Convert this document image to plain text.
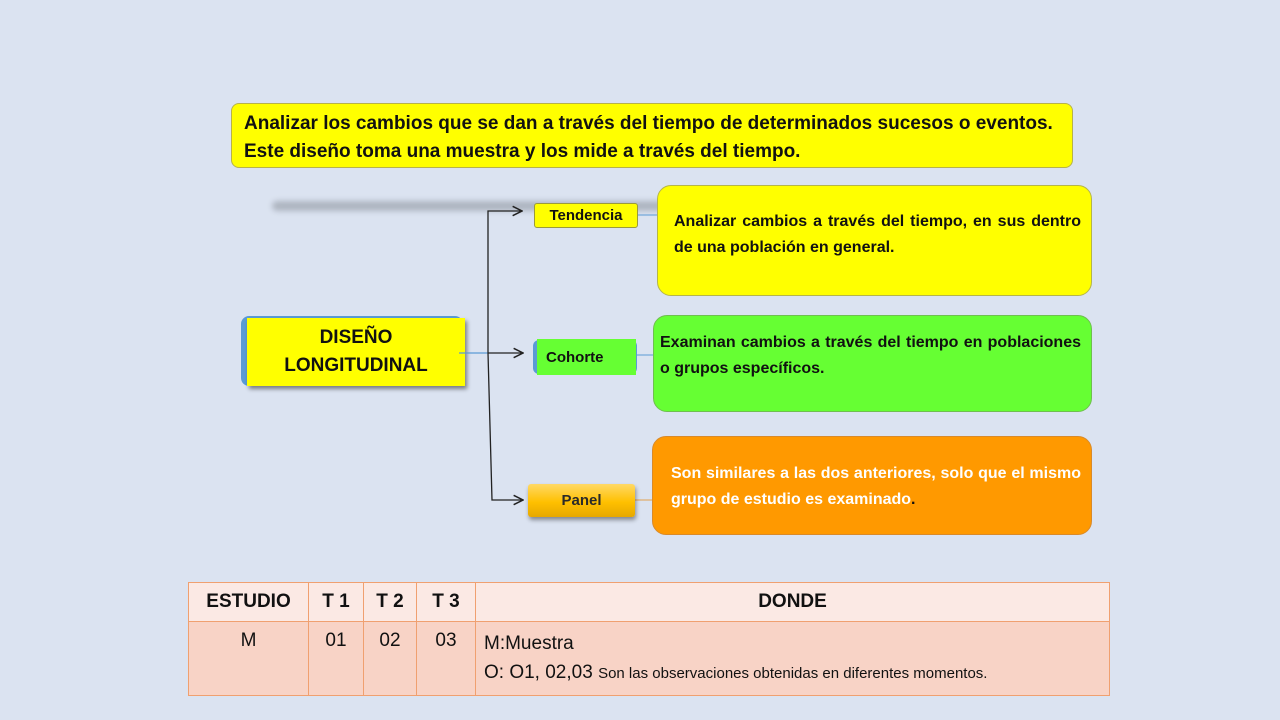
Analizar los cambios que se dan a través del tiempo de determinados sucesos o eventos. Este diseño toma una muestra y los mide a través del tiempo.
DISEÑO
LONGITUDINAL
Tendencia
Cohorte
Panel
Analizar cambios a través del tiempo, en sus dentro de una población en general.
Examinan cambios a través del tiempo en poblaciones o grupos específicos.
Son similares a las dos anteriores, solo que el mismo grupo de estudio es examinado.
ESTUDIO	T 1	T 2	T 3	DONDE
M	01	02	03	M:Muestra
O: O1, 02,03 Son las observaciones obtenidas en diferentes momentos.
